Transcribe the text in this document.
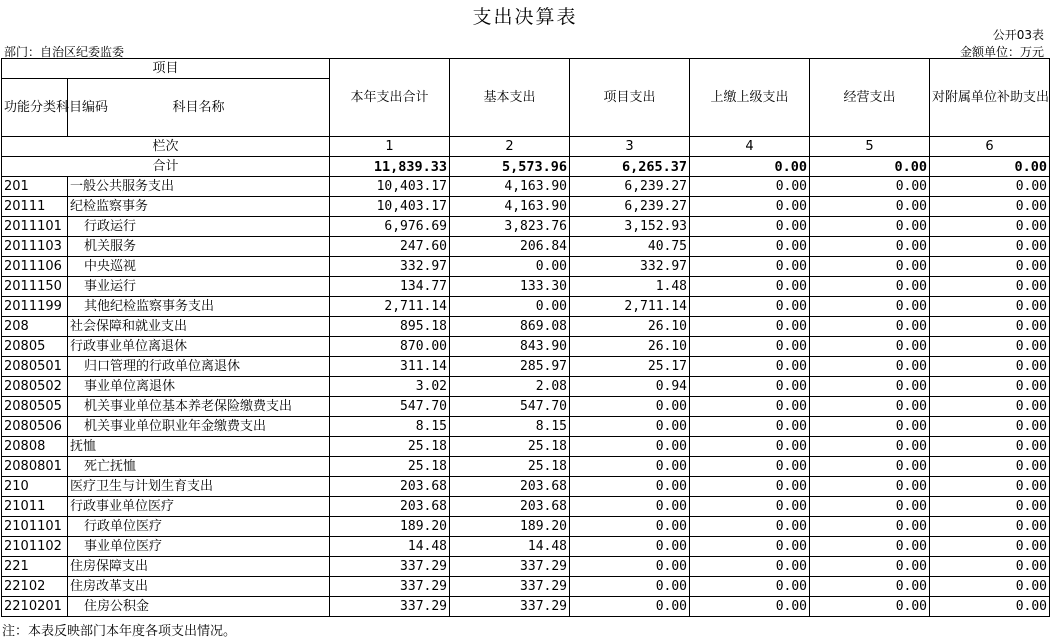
支出决算表
公开03表
部门：自治区纪委监委	金额单位：万元
项目		本年支出合计	基本支出	项目支出	上缴上级支出	经营支出	对附属单位补助支出
功能分类科目编码	科目名称						
栏次		1	2	3	4	5	6
合计		11,839.33	5,573.96	6,265.37	0.00	0.00	0.00
201	一般公共服务支出	10,403.17	4,163.90	6,239.27	0.00	0.00	0.00
20111	纪检监察事务	10,403.17	4,163.90	6,239.27	0.00	0.00	0.00
2011101	行政运行	6,976.69	3,823.76	3,152.93	0.00	0.00	0.00
2011103	机关服务	247.60	206.84	40.75	0.00	0.00	0.00
2011106	中央巡视	332.97	0.00	332.97	0.00	0.00	0.00
2011150	事业运行	134.77	133.30	1.48	0.00	0.00	0.00
2011199	其他纪检监察事务支出	2,711.14	0.00	2,711.14	0.00	0.00	0.00
208	社会保障和就业支出	895.18	869.08	26.10	0.00	0.00	0.00
20805	行政事业单位离退休	870.00	843.90	26.10	0.00	0.00	0.00
2080501	归口管理的行政单位离退休	311.14	285.97	25.17	0.00	0.00	0.00
2080502	事业单位离退休	3.02	2.08	0.94	0.00	0.00	0.00
2080505	机关事业单位基本养老保险缴费支出	547.70	547.70	0.00	0.00	0.00	0.00
2080506	机关事业单位职业年金缴费支出	8.15	8.15	0.00	0.00	0.00	0.00
20808	抚恤	25.18	25.18	0.00	0.00	0.00	0.00
2080801	死亡抚恤	25.18	25.18	0.00	0.00	0.00	0.00
210	医疗卫生与计划生育支出	203.68	203.68	0.00	0.00	0.00	0.00
21011	行政事业单位医疗	203.68	203.68	0.00	0.00	0.00	0.00
2101101	行政单位医疗	189.20	189.20	0.00	0.00	0.00	0.00
2101102	事业单位医疗	14.48	14.48	0.00	0.00	0.00	0.00
221	住房保障支出	337.29	337.29	0.00	0.00	0.00	0.00
22102	住房改革支出	337.29	337.29	0.00	0.00	0.00	0.00
2210201	住房公积金	337.29	337.29	0.00	0.00	0.00	0.00
注：本表反映部门本年度各项支出情况。
